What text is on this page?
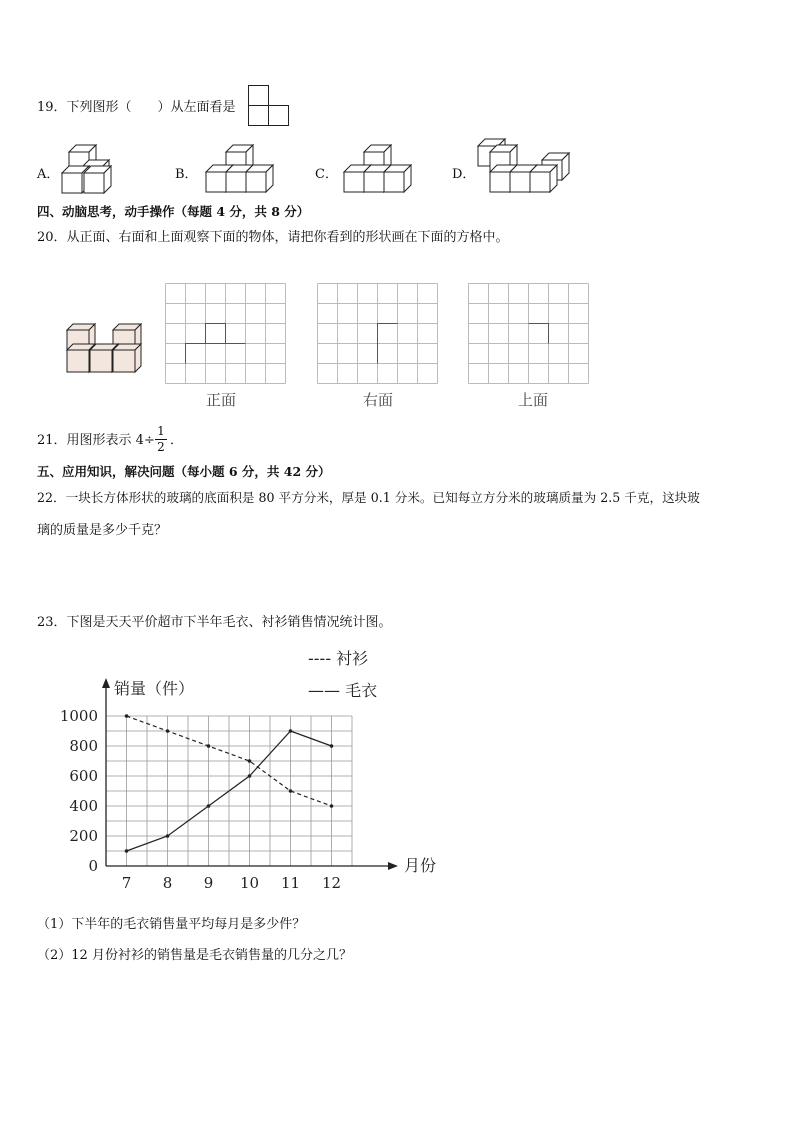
19．下列图形（　　）从左面看是
A．	B．	C．	D．
四、动脑思考，动手操作（每题 4 分，共 8 分）
20．从正面、右面和上面观察下面的物体，请把你看到的形状画在下面的方格中。
正面	右面	上面
21．用图形表示 $4\div \frac{1}{2}$ ．
五、应用知识，解决问题（每小题 6 分，共 42 分）
22．一块长方体形状的玻璃的底面积是 80 平方分米，厚是 0.1 分米。已知每立方分米的玻璃质量为 2.5 千克，这块玻
璃的质量是多少千克？
23．下图是天天平价超市下半年毛衣、衬衫销售情况统计图。
0
200
400
600
800
1000
7 8 9 10 11 12
销量（件）
月份
---- 衬衫
—— 毛衣
（1）下半年的毛衣销售量平均每月是多少件？
（2）12 月份衬衫的销售量是毛衣销售量的几分之几？
